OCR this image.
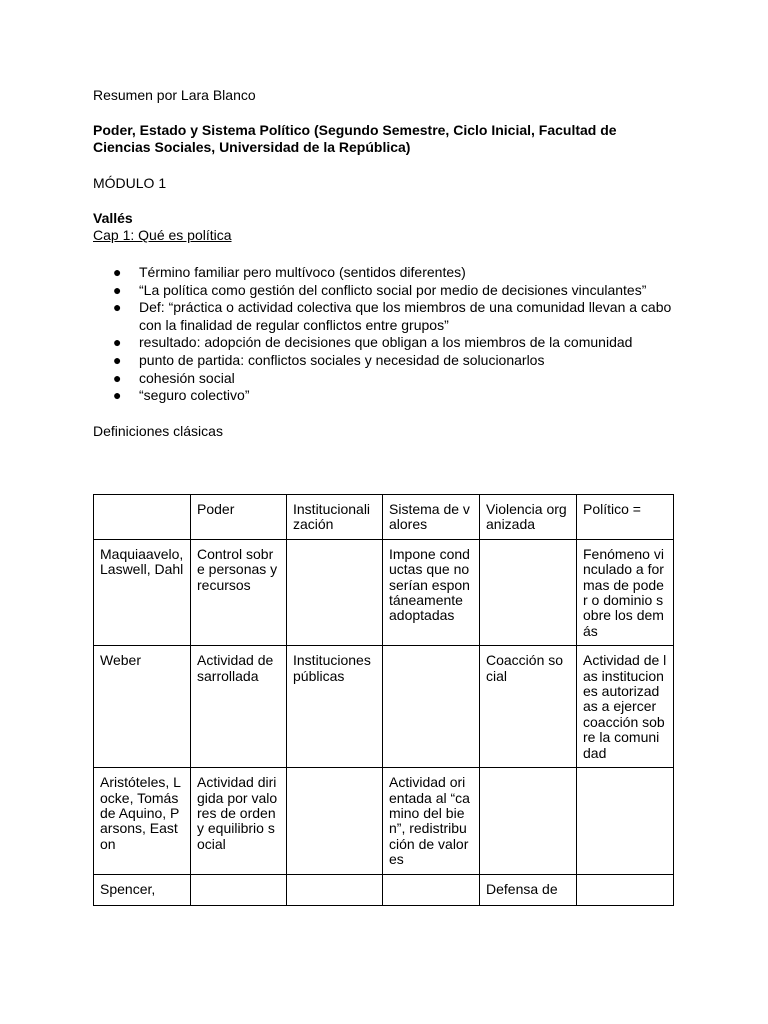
Resumen por Lara Blanco
Poder, Estado y Sistema Político (Segundo Semestre, Ciclo Inicial, Facultad de
Ciencias Sociales, Universidad de la República)
MÓDULO 1
Vallés
Cap 1: Qué es política
● Término familiar pero multívoco (sentidos diferentes)
● “La política como gestión del conflicto social por medio de decisiones vinculantes”
● Def: “práctica o actividad colectiva que los miembros de una comunidad llevan a cabo con la finalidad de regular conflictos entre grupos”
● resultado: adopción de decisiones que obligan a los miembros de la comunidad
● punto de partida: conflictos sociales y necesidad de solucionarlos
● cohesión social
● “seguro colectivo”
Definiciones clásicas
	Poder	Institucionalización	Sistema de valores	Violencia organizada	Político =
Maquiaavelo, Laswell, Dahl	Control sobre personas y recursos		Impone conductas que no serían espontáneamente adoptadas		Fenómeno vinculado a formas de poder o dominio sobre los demás
Weber	Actividad desarrollada	Instituciones públicas		Coacción social	Actividad de las instituciones autorizadas a ejercer coacción sobre la comunidad
Aristóteles, Locke, Tomás de Aquino, Parsons, Easton	Actividad dirigida por valores de orden y equilibrio social		Actividad orientada al “camino del bien”, redistribución de valores		
Spencer,				Defensa de	
